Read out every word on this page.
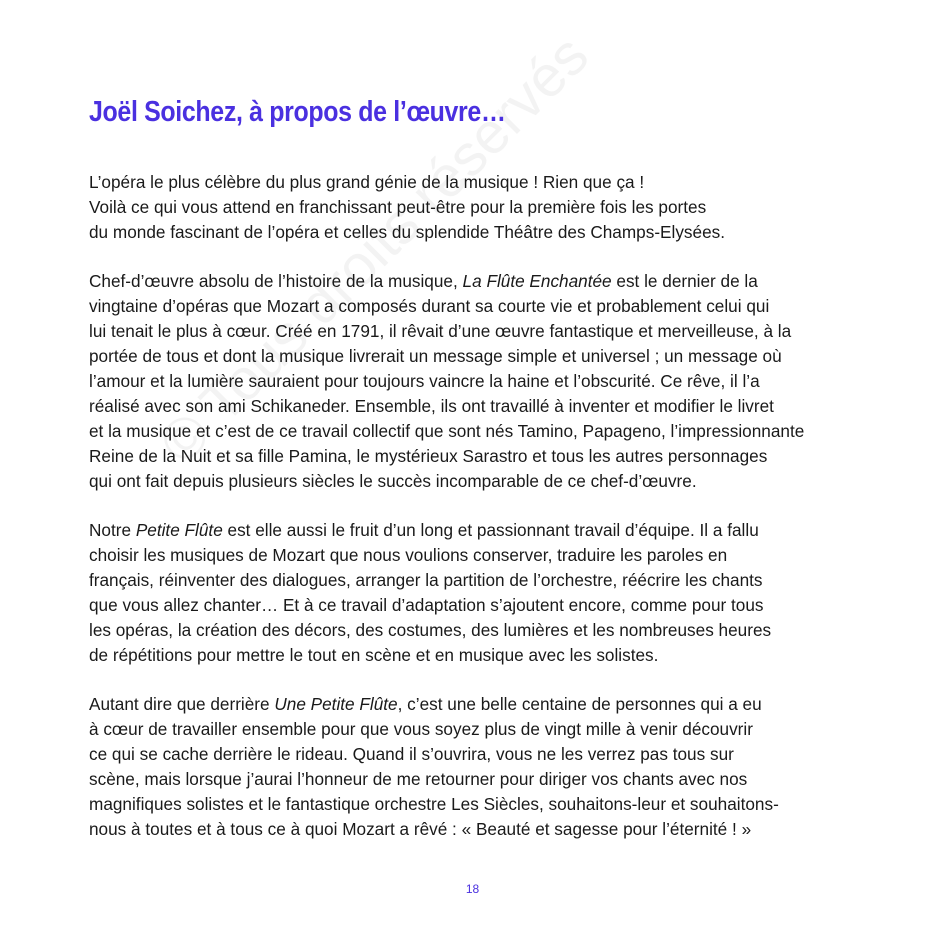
Joël Soichez, à propos de l’œuvre…

L’opéra le plus célèbre du plus grand génie de la musique ! Rien que ça !
Voilà ce qui vous attend en franchissant peut-être pour la première fois les portes
du monde fascinant de l’opéra et celles du splendide Théâtre des Champs-Elysées.

Chef-d’œuvre absolu de l’histoire de la musique, La Flûte Enchantée est le dernier de la
vingtaine d’opéras que Mozart a composés durant sa courte vie et probablement celui qui
lui tenait le plus à cœur. Créé en 1791, il rêvait d’une œuvre fantastique et merveilleuse, à la
portée de tous et dont la musique livrerait un message simple et universel ; un message où
l’amour et la lumière sauraient pour toujours vaincre la haine et l’obscurité. Ce rêve, il l’a
réalisé avec son ami Schikaneder. Ensemble, ils ont travaillé à inventer et modifier le livret
et la musique et c’est de ce travail collectif que sont nés Tamino, Papageno, l’impressionnante
Reine de la Nuit et sa fille Pamina, le mystérieux Sarastro et tous les autres personnages
qui ont fait depuis plusieurs siècles le succès incomparable de ce chef-d’œuvre.

Notre Petite Flûte est elle aussi le fruit d’un long et passionnant travail d’équipe. Il a fallu
choisir les musiques de Mozart que nous voulions conserver, traduire les paroles en
français, réinventer des dialogues, arranger la partition de l’orchestre, réécrire les chants
que vous allez chanter… Et à ce travail d’adaptation s’ajoutent encore, comme pour tous
les opéras, la création des décors, des costumes, des lumières et les nombreuses heures
de répétitions pour mettre le tout en scène et en musique avec les solistes.

Autant dire que derrière Une Petite Flûte, c’est une belle centaine de personnes qui a eu
à cœur de travailler ensemble pour que vous soyez plus de vingt mille à venir découvrir
ce qui se cache derrière le rideau. Quand il s’ouvrira, vous ne les verrez pas tous sur
scène, mais lorsque j’aurai l’honneur de me retourner pour diriger vos chants avec nos
magnifiques solistes et le fantastique orchestre Les Siècles, souhaitons-leur et souhaitons-
nous à toutes et à tous ce à quoi Mozart a rêvé : « Beauté et sagesse pour l’éternité ! »

18
